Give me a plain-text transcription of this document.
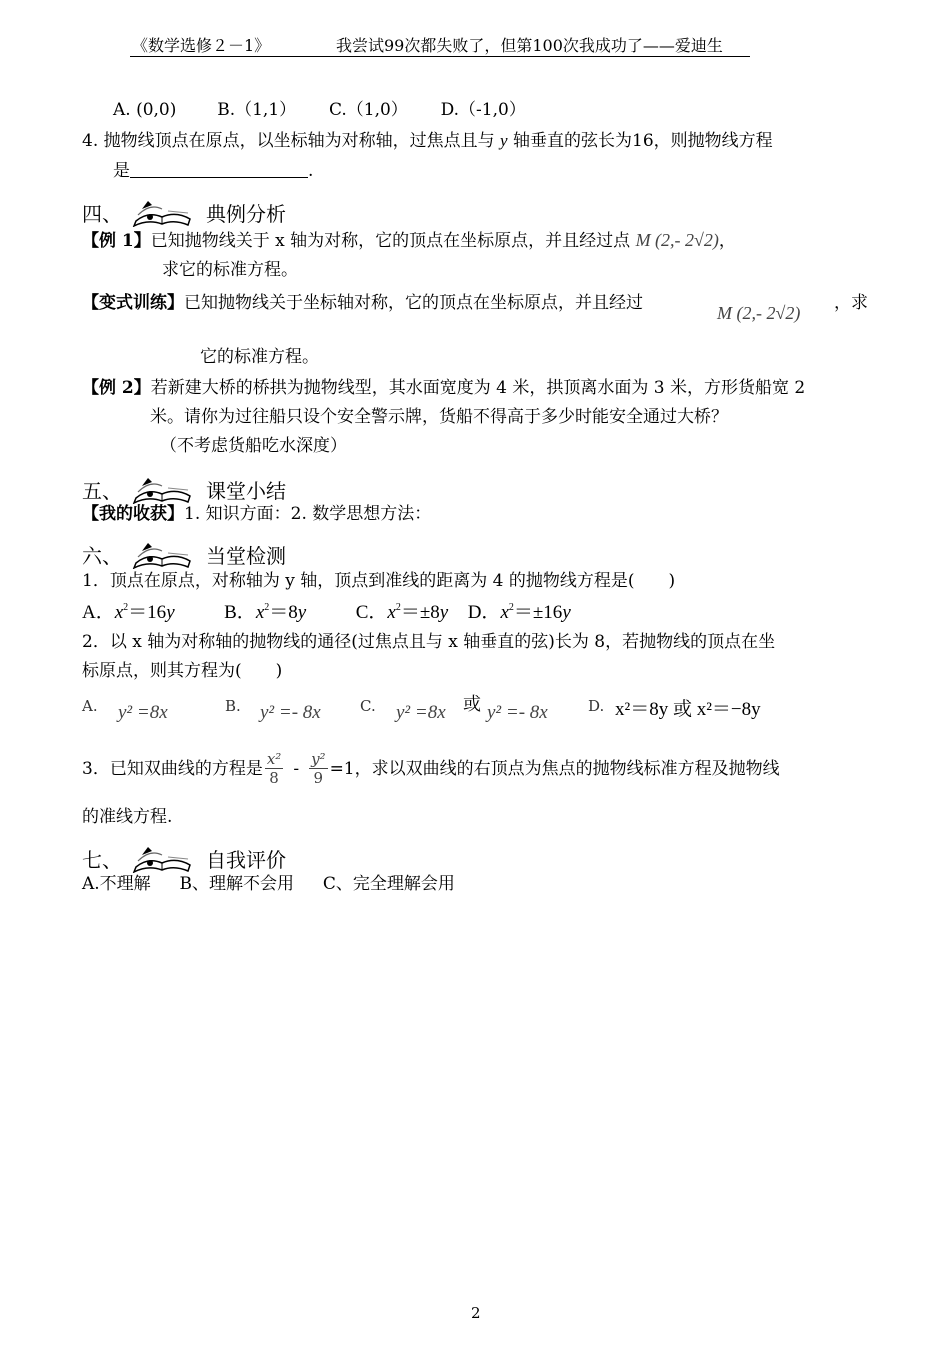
《数学选修２－1》	我尝试99次都失败了，但第100次我成功了——爱迪生
A. (0,0) B.（1,1） C.（1,0） D.（-1,0）
4. 抛物线顶点在原点，以坐标轴为对称轴，过焦点且与 y 轴垂直的弦长为16，则抛物线方程
是	.
四、	典例分析
【例 1】已知抛物线关于 x 轴为对称，它的顶点在坐标原点，并且经过点 M (2,- 2√2)，
求它的标准方程。
【变式训练】已知抛物线关于坐标轴对称，它的顶点在坐标原点，并且经过	M (2,- 2√2) ，求
它的标准方程。
【例 2】若新建大桥的桥拱为抛物线型，其水面宽度为 4 米，拱顶离水面为 3 米，方形货船宽 2
米。请你为过往船只设个安全警示牌，货船不得高于多少时能安全通过大桥？
（不考虑货船吃水深度）
五、	课堂小结
【我的收获】1. 知识方面：2. 数学思想方法：
六、	当堂检测
1．顶点在原点，对称轴为 y 轴，顶点到准线的距离为 4 的抛物线方程是(　　)
A．$x^2=16y$	B．$x^2=8y$	C．$x^2=\pm 8y$ D．$x^2=\pm 16y$
2．以 x 轴为对称轴的抛物线的通径(过焦点且与 x 轴垂直的弦)长为 8，若抛物线的顶点在坐
标原点，则其方程为(　　)
A. y² =8x	B. y² =- 8x	C. y² =8x 或 y² =- 8x	D. x²＝8y 或 x²＝−8y
3．已知双曲线的方程是 $\frac{\text{x²}}{8} - \frac{\text{y²}}{9} =1$，求以双曲线的右顶点为焦点的抛物线标准方程及抛物线
的准线方程.
七、	自我评价
A.不理解 B、理解不会用 C、完全理解会用
2
